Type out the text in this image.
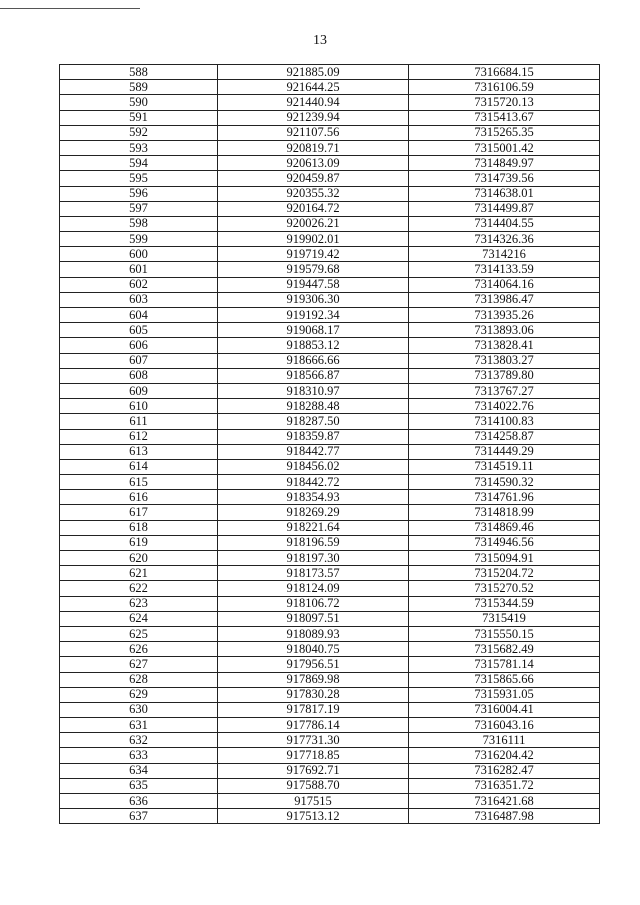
13
588	921885.09	7316684.15
589	921644.25	7316106.59
590	921440.94	7315720.13
591	921239.94	7315413.67
592	921107.56	7315265.35
593	920819.71	7315001.42
594	920613.09	7314849.97
595	920459.87	7314739.56
596	920355.32	7314638.01
597	920164.72	7314499.87
598	920026.21	7314404.55
599	919902.01	7314326.36
600	919719.42	7314216
601	919579.68	7314133.59
602	919447.58	7314064.16
603	919306.30	7313986.47
604	919192.34	7313935.26
605	919068.17	7313893.06
606	918853.12	7313828.41
607	918666.66	7313803.27
608	918566.87	7313789.80
609	918310.97	7313767.27
610	918288.48	7314022.76
611	918287.50	7314100.83
612	918359.87	7314258.87
613	918442.77	7314449.29
614	918456.02	7314519.11
615	918442.72	7314590.32
616	918354.93	7314761.96
617	918269.29	7314818.99
618	918221.64	7314869.46
619	918196.59	7314946.56
620	918197.30	7315094.91
621	918173.57	7315204.72
622	918124.09	7315270.52
623	918106.72	7315344.59
624	918097.51	7315419
625	918089.93	7315550.15
626	918040.75	7315682.49
627	917956.51	7315781.14
628	917869.98	7315865.66
629	917830.28	7315931.05
630	917817.19	7316004.41
631	917786.14	7316043.16
632	917731.30	7316111
633	917718.85	7316204.42
634	917692.71	7316282.47
635	917588.70	7316351.72
636	917515	7316421.68
637	917513.12	7316487.98
